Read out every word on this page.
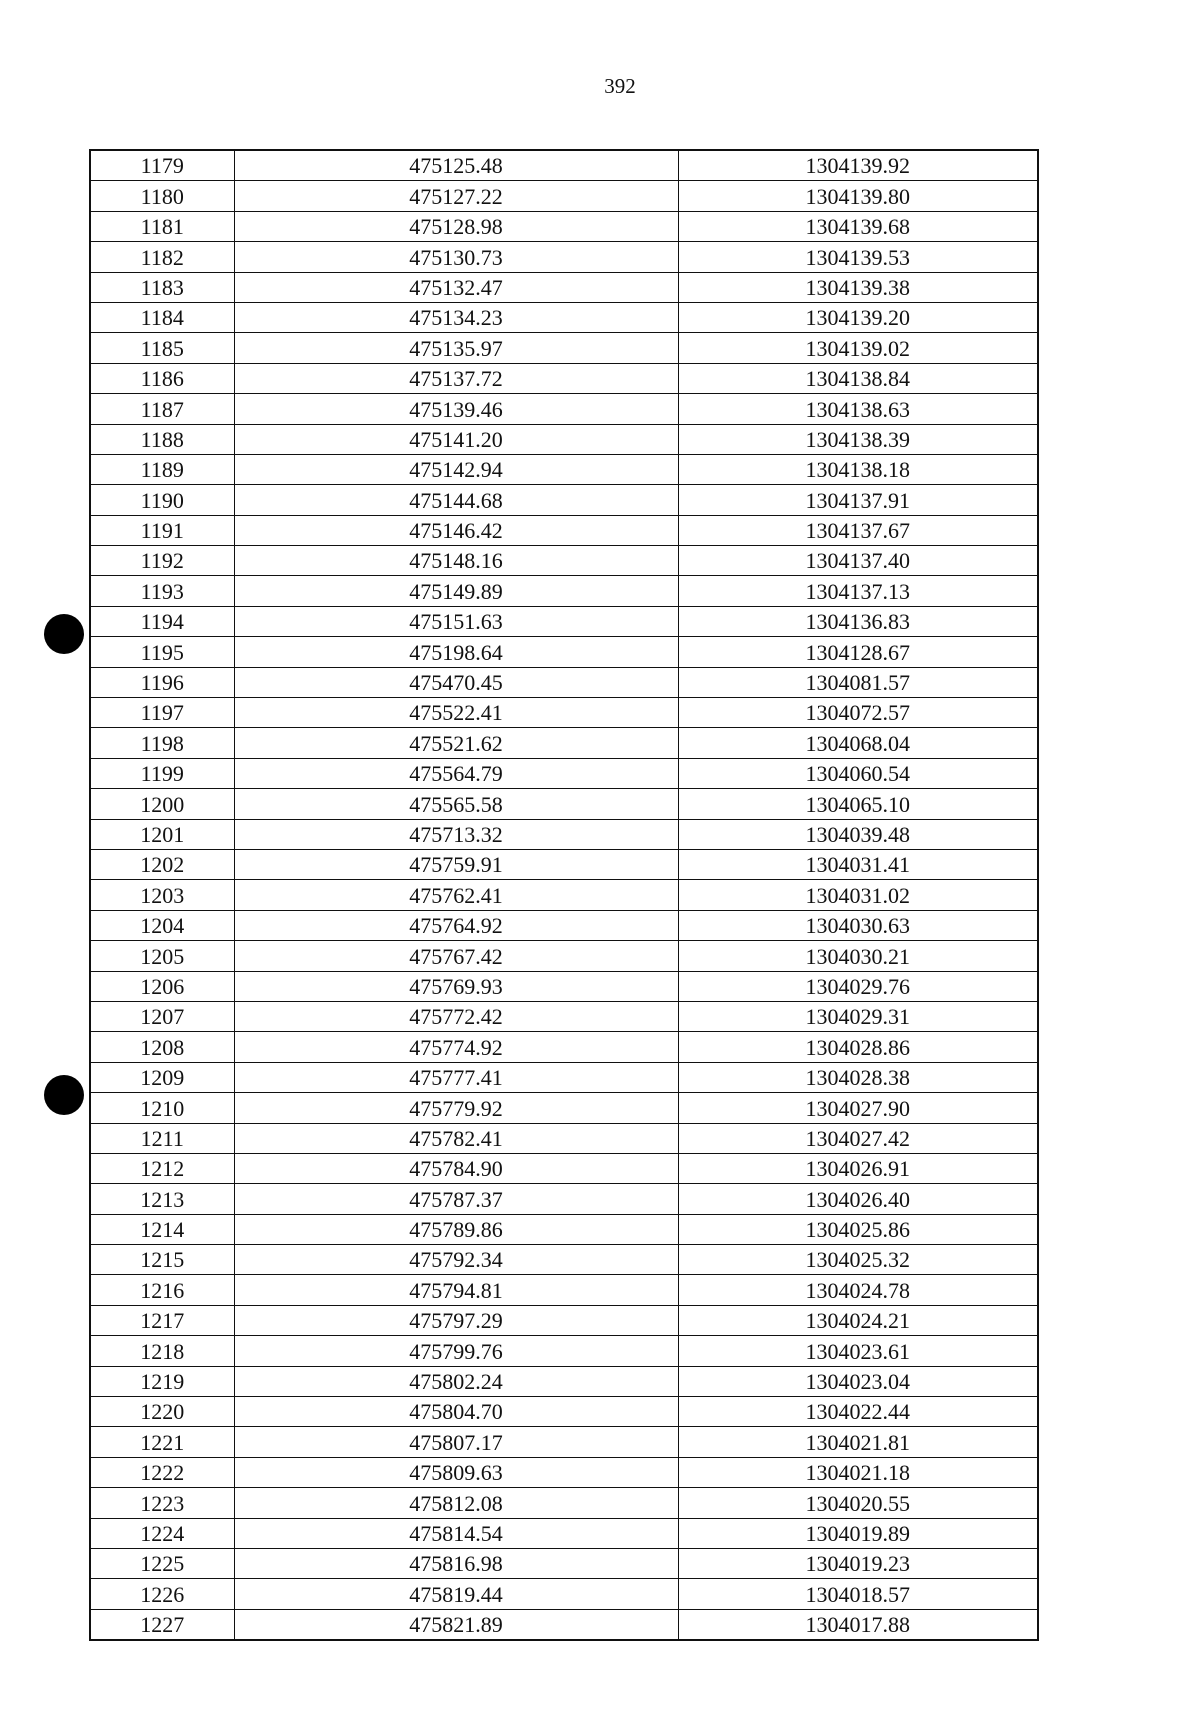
392
1179	475125.48	1304139.92
1180	475127.22	1304139.80
1181	475128.98	1304139.68
1182	475130.73	1304139.53
1183	475132.47	1304139.38
1184	475134.23	1304139.20
1185	475135.97	1304139.02
1186	475137.72	1304138.84
1187	475139.46	1304138.63
1188	475141.20	1304138.39
1189	475142.94	1304138.18
1190	475144.68	1304137.91
1191	475146.42	1304137.67
1192	475148.16	1304137.40
1193	475149.89	1304137.13
1194	475151.63	1304136.83
1195	475198.64	1304128.67
1196	475470.45	1304081.57
1197	475522.41	1304072.57
1198	475521.62	1304068.04
1199	475564.79	1304060.54
1200	475565.58	1304065.10
1201	475713.32	1304039.48
1202	475759.91	1304031.41
1203	475762.41	1304031.02
1204	475764.92	1304030.63
1205	475767.42	1304030.21
1206	475769.93	1304029.76
1207	475772.42	1304029.31
1208	475774.92	1304028.86
1209	475777.41	1304028.38
1210	475779.92	1304027.90
1211	475782.41	1304027.42
1212	475784.90	1304026.91
1213	475787.37	1304026.40
1214	475789.86	1304025.86
1215	475792.34	1304025.32
1216	475794.81	1304024.78
1217	475797.29	1304024.21
1218	475799.76	1304023.61
1219	475802.24	1304023.04
1220	475804.70	1304022.44
1221	475807.17	1304021.81
1222	475809.63	1304021.18
1223	475812.08	1304020.55
1224	475814.54	1304019.89
1225	475816.98	1304019.23
1226	475819.44	1304018.57
1227	475821.89	1304017.88
